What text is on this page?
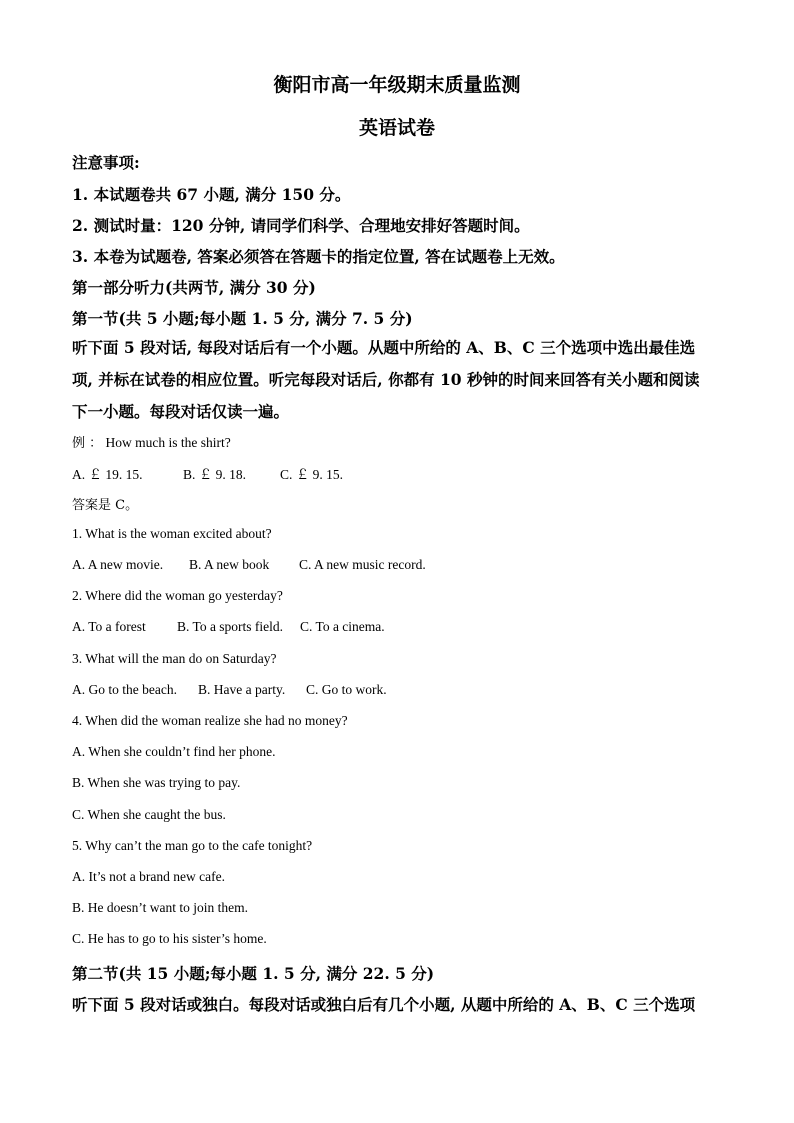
衡阳市高一年级期末质量监测
英语试卷
注意事项:
1. 本试题卷共 67 小题, 满分 150 分。
2. 测试时量：120 分钟, 请同学们科学、合理地安排好答题时间。
3. 本卷为试题卷, 答案必须答在答题卡的指定位置, 答在试题卷上无效。
第一部分听力(共两节, 满分 30 分)
第一节(共 5 小题;每小题 1. 5 分, 满分 7. 5 分)
听下面 5 段对话, 每段对话后有一个小题。从题中所给的 A、B、C 三个选项中选出最佳选
项, 并标在试卷的相应位置。听完每段对话后, 你都有 10 秒钟的时间来回答有关小题和阅读
下一小题。每段对话仅读一遍。
例 ： How much is the shirt?
A. ￡ 19. 15.	B. ￡ 9. 18.	C. ￡ 9. 15.
答案是 C。
1. What is the woman excited about?
A. A new movie. B. A new book C. A new music record.
2. Where did the woman go yesterday?
A. To a forest B. To a sports field. C. To a cinema.
3. What will the man do on Saturday?
A. Go to the beach. B. Have a party. C. Go to work.
4. When did the woman realize she had no money?
A. When she couldn’t find her phone.
B. When she was trying to pay.
C. When she caught the bus.
5. Why can’t the man go to the cafe tonight?
A. It’s not a brand new cafe.
B. He doesn’t want to join them.
C. He has to go to his sister’s home.
第二节(共 15 小题;每小题 1. 5 分, 满分 22. 5 分)
听下面 5 段对话或独白。每段对话或独白后有几个小题, 从题中所给的 A、B、C 三个选项
